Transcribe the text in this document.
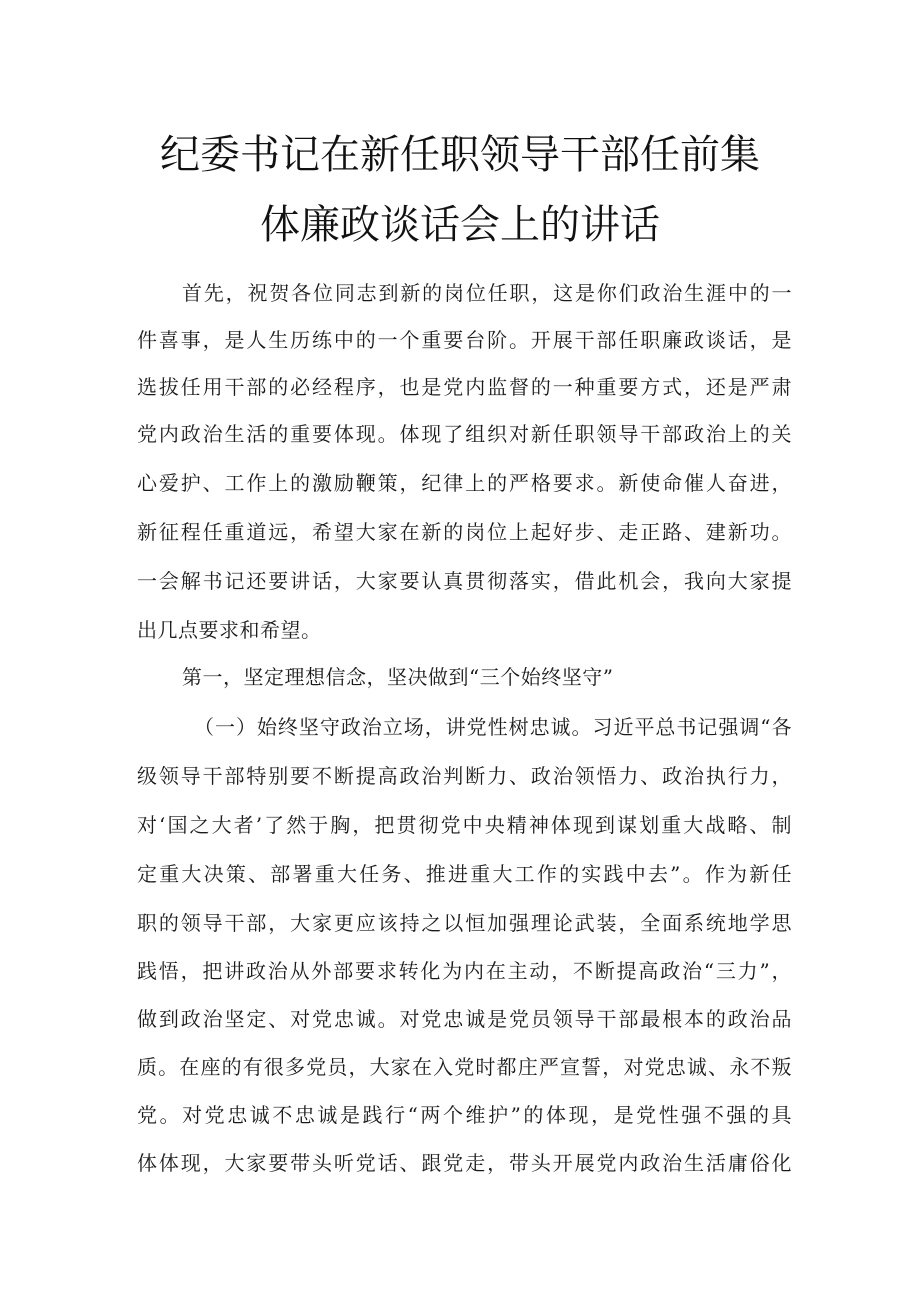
纪委书记在新任职领导干部任前集
体廉政谈话会上的讲话
首先，祝贺各位同志到新的岗位任职，这是你们政治生涯中的一
件喜事，是人生历练中的一个重要台阶。开展干部任职廉政谈话，是
选拔任用干部的必经程序，也是党内监督的一种重要方式，还是严肃
党内政治生活的重要体现。体现了组织对新任职领导干部政治上的关
心爱护、工作上的激励鞭策，纪律上的严格要求。新使命催人奋进，
新征程任重道远，希望大家在新的岗位上起好步、走正路、建新功。
一会解书记还要讲话，大家要认真贯彻落实，借此机会，我向大家提
出几点要求和希望。
第一，坚定理想信念，坚决做到“三个始终坚守”
（一）始终坚守政治立场，讲党性树忠诚。习近平总书记强调“各
级领导干部特别要不断提高政治判断力、政治领悟力、政治执行力，
对‘国之大者’了然于胸，把贯彻党中央精神体现到谋划重大战略、制
定重大决策、部署重大任务、推进重大工作的实践中去”。作为新任
职的领导干部，大家更应该持之以恒加强理论武装，全面系统地学思
践悟，把讲政治从外部要求转化为内在主动，不断提高政治“三力”，
做到政治坚定、对党忠诚。对党忠诚是党员领导干部最根本的政治品
质。在座的有很多党员，大家在入党时都庄严宣誓，对党忠诚、永不叛
党。对党忠诚不忠诚是践行“两个维护”的体现，是党性强不强的具
体体现，大家要带头听党话、跟党走，带头开展党内政治生活庸俗化
